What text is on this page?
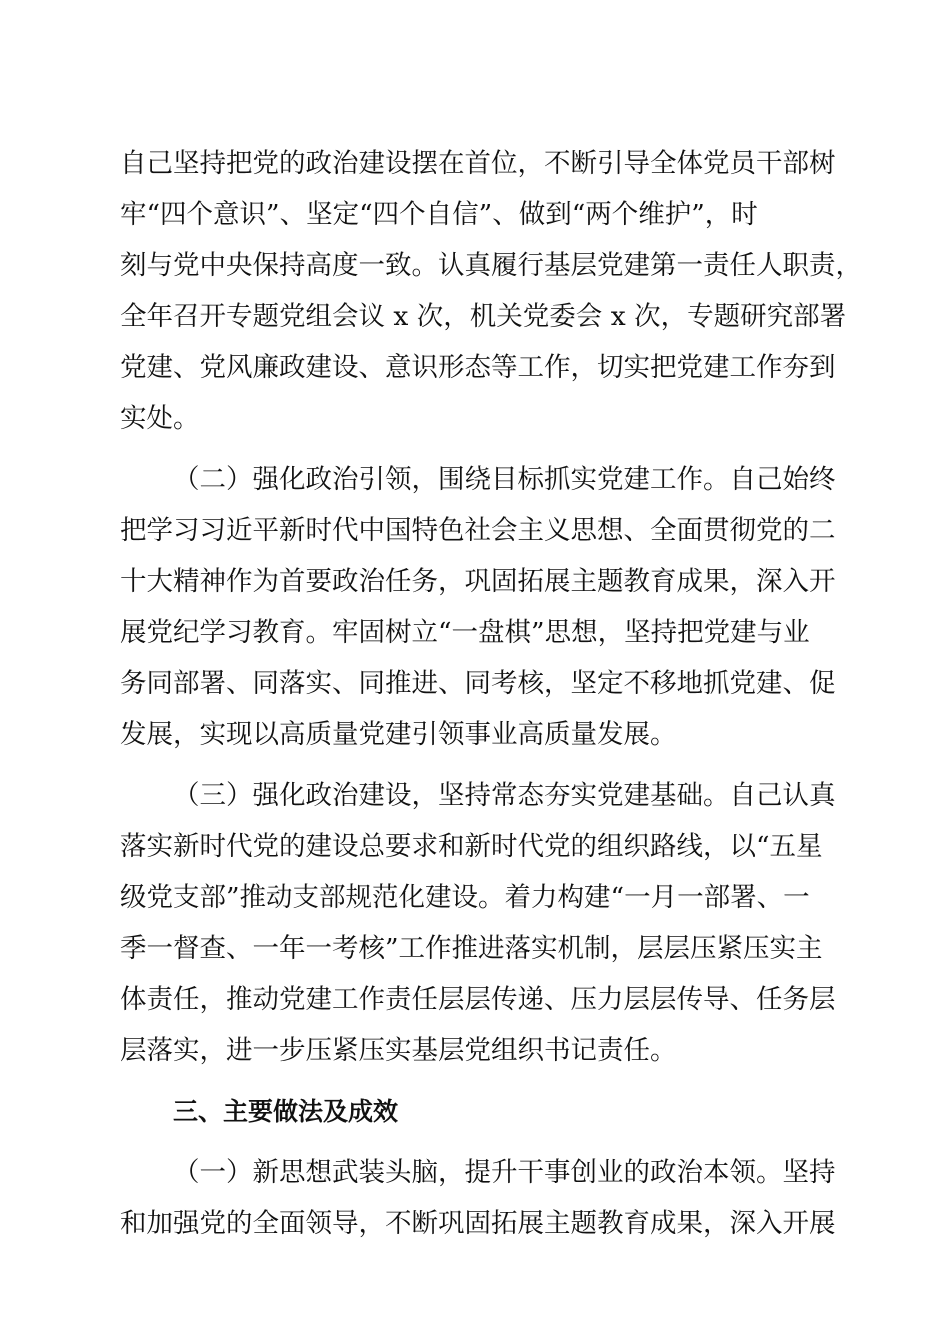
自己坚持把党的政治建设摆在首位，不断引导全体党员干部树
牢“四个意识”、坚定“四个自信”、做到“两个维护”，时
刻与党中央保持高度一致。认真履行基层党建第一责任人职责，
全年召开专题党组会议 x 次，机关党委会 x 次，专题研究部署
党建、党风廉政建设、意识形态等工作，切实把党建工作夯到
实处。
（二）强化政治引领，围绕目标抓实党建工作。自己始终
把学习习近平新时代中国特色社会主义思想、全面贯彻党的二
十大精神作为首要政治任务，巩固拓展主题教育成果，深入开
展党纪学习教育。牢固树立“一盘棋”思想，坚持把党建与业
务同部署、同落实、同推进、同考核，坚定不移地抓党建、促
发展，实现以高质量党建引领事业高质量发展。
（三）强化政治建设，坚持常态夯实党建基础。自己认真
落实新时代党的建设总要求和新时代党的组织路线，以“五星
级党支部”推动支部规范化建设。着力构建“一月一部署、一
季一督查、一年一考核”工作推进落实机制，层层压紧压实主
体责任，推动党建工作责任层层传递、压力层层传导、任务层
层落实，进一步压紧压实基层党组织书记责任。
三、主要做法及成效
（一）新思想武装头脑，提升干事创业的政治本领。坚持
和加强党的全面领导，不断巩固拓展主题教育成果，深入开展
